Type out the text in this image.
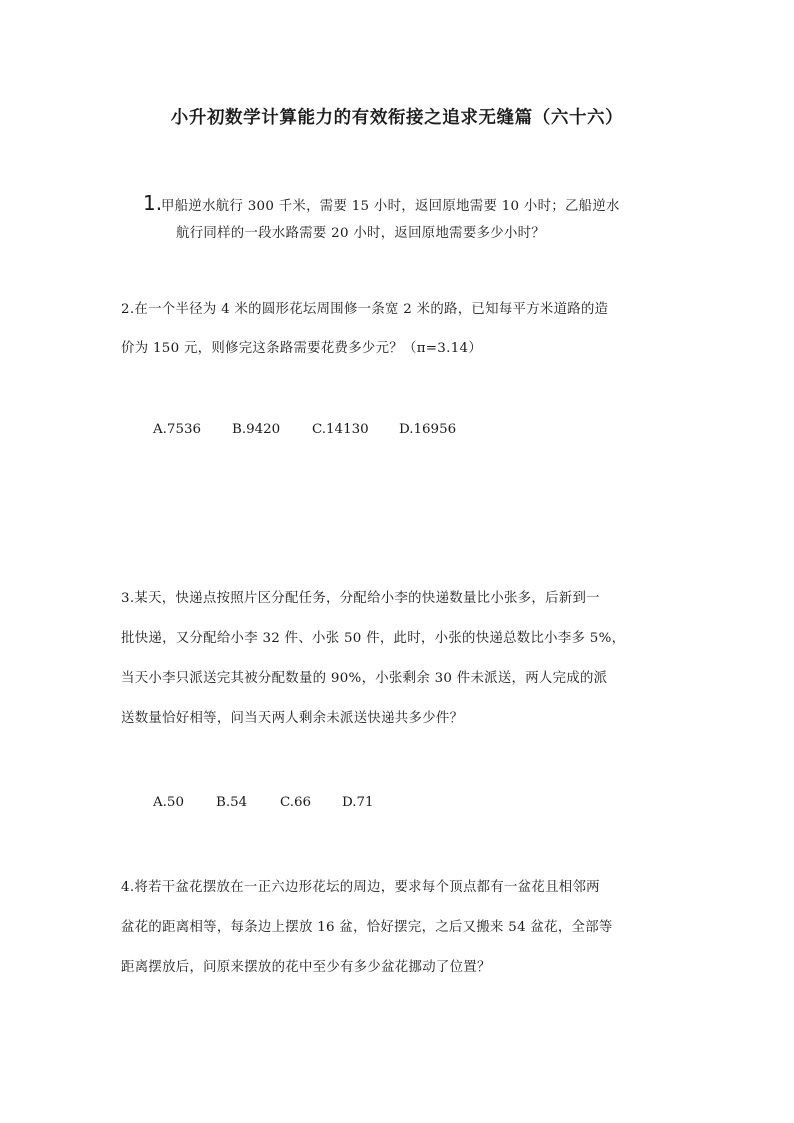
小升初数学计算能力的有效衔接之追求无缝篇（六十六）
1.
甲船逆水航行 300 千米，需要 15 小时，返回原地需要 10 小时；乙船逆水
航行同样的一段水路需要 20 小时，返回原地需要多少小时？
2.在一个半径为 4 米的圆形花坛周围修一条宽 2 米的路，已知每平方米道路的造
价为 150 元，则修完这条路需要花费多少元？（π=3.14）
A.7536 B.9420 C.14130 D.16956
3.某天，快递点按照片区分配任务，分配给小李的快递数量比小张多，后新到一
批快递，又分配给小李 32 件、小张 50 件，此时，小张的快递总数比小李多 5%，
当天小李只派送完其被分配数量的 90%，小张剩余 30 件未派送，两人完成的派
送数量恰好相等，问当天两人剩余未派送快递共多少件？
A.50 B.54 C.66 D.71
4.将若干盆花摆放在一正六边形花坛的周边，要求每个顶点都有一盆花且相邻两
盆花的距离相等，每条边上摆放 16 盆，恰好摆完，之后又搬来 54 盆花，全部等
距离摆放后，问原来摆放的花中至少有多少盆花挪动了位置？
